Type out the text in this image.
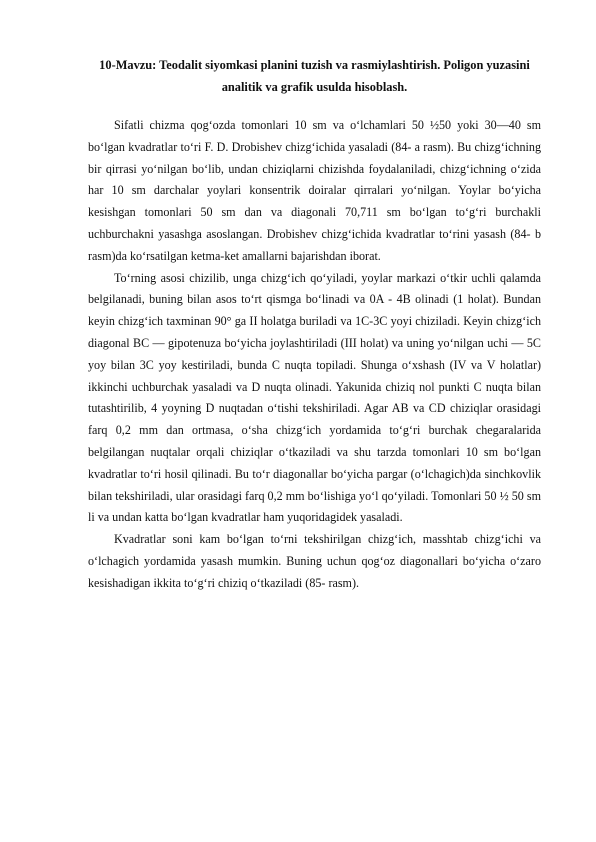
10-Mavzu: Teodalit siyomkasi planini tuzish va rasmiylashtirish. Poligon yuzasini analitik va grafik usulda hisoblash.

Sifatli chizma qog‘ozda tomonlari 10 sm va o‘lchamlari 50 ½50 yoki 30—40 sm bo‘lgan kvadratlar to‘ri F. D. Drobishev chizg‘ichida yasaladi (84- a rasm). Bu chizg‘ichning bir qirrasi yo‘nilgan bo‘lib, undan chiziqlarni chizishda foydalaniladi, chizg‘ichning o‘zida har 10 sm darchalar yoylari konsentrik doiralar qirralari yo‘nilgan. Yoylar bo‘yicha kesishgan tomonlari 50 sm dan va diagonali 70,711 sm bo‘lgan to‘g‘ri burchakli uchburchakni yasashga asoslangan. Drobishev chizg‘ichida kvadratlar to‘rini yasash (84- b rasm)da ko‘rsatilgan ketma-ket amallarni bajarishdan iborat.

To‘rning asosi chizilib, unga chizg‘ich qo‘yiladi, yoylar markazi o‘tkir uchli qalamda belgilanadi, buning bilan asos to‘rt qismga bo‘linadi va 0A - 4B olinadi (1 holat). Bundan keyin chizg‘ich taxminan 90° ga II holatga buriladi va 1C-3C yoyi chiziladi. Keyin chizg‘ich diagonal BC — gipotenuza bo‘yicha joylashtiriladi (III holat) va uning yo‘nilgan uchi — 5C yoy bilan 3C yoy kestiriladi, bunda C nuqta topiladi. Shunga o‘xshash (IV va V holatlar) ikkinchi uchburchak yasaladi va D nuqta olinadi. Yakunida chiziq nol punkti C nuqta bilan tutashtirilib, 4 yoyning D nuqtadan o‘tishi tekshiriladi. Agar AB va CD chiziqlar orasidagi farq 0,2 mm dan ortmasa, o‘sha chizg‘ich yordamida to‘g‘ri burchak chegaralarida belgilangan nuqtalar orqali chiziqlar o‘tkaziladi va shu tarzda tomonlari 10 sm bo‘lgan kvadratlar to‘ri hosil qilinadi. Bu to‘r diagonallar bo‘yicha pargar (o‘lchagich)da sinchkovlik bilan tekshiriladi, ular orasidagi farq 0,2 mm bo‘lishiga yo‘l qo‘yiladi. Tomonlari 50 ½ 50 sm li va undan katta bo‘lgan kvadratlar ham yuqoridagidek yasaladi.

Kvadratlar soni kam bo‘lgan to‘rni tekshirilgan chizg‘ich, masshtab chizg‘ichi va o‘lchagich yordamida yasash mumkin. Buning uchun qog‘oz diagonallari bo‘yicha o‘zaro kesishadigan ikkita to‘g‘ri chiziq o‘tkaziladi (85- rasm).
